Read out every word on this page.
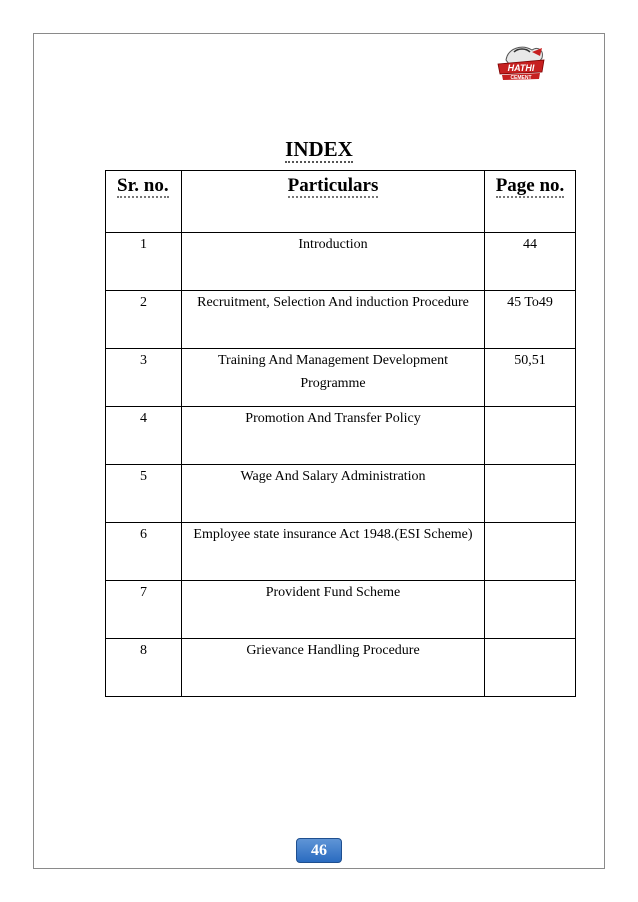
HATHI
CEMENT
INDEX
Sr. no.	Particulars	Page no.
1	Introduction	44
2	Recruitment, Selection And induction Procedure	45 To49
3	Training And Management Development Programme	50,51
4	Promotion And Transfer Policy	
5	Wage And Salary Administration	
6	Employee state insurance Act 1948.(ESI Scheme)	
7	Provident Fund Scheme	
8	Grievance Handling Procedure	
46
